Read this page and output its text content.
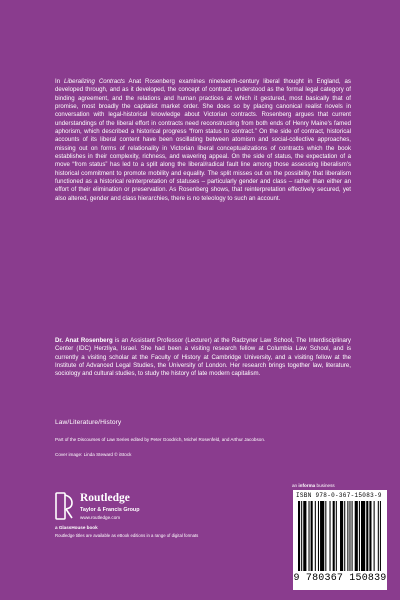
In Liberalizing Contracts Anat Rosenberg examines nineteenth-century liberal thought in England, as developed through, and as it developed, the concept of contract, understood as the formal legal category of binding agreement, and the relations and human practices at which it gestured, most basically that of promise, most broadly the capitalist market order. She does so by placing canonical realist novels in conversation with legal-historical knowledge about Victorian contracts. Rosenberg argues that current understandings of the liberal effort in contracts need reconstructing from both ends of Henry Maine's famed aphorism, which described a historical progress “from status to contract.” On the side of contract, historical accounts of its liberal content have been oscillating between atomism and social-collective approaches, missing out on forms of relationality in Victorian liberal conceptualizations of contracts which the book establishes in their complexity, richness, and wavering appeal. On the side of status, the expectation of a move “from status” has led to a split along the liberal/radical fault line among those assessing liberalism's historical commitment to promote mobility and equality. The split misses out on the possibility that liberalism functioned as a historical reinterpretation of statuses – particularly gender and class – rather than either an effort of their elimination or preservation. As Rosenberg shows, that reinterpretation effectively secured, yet also altered, gender and class hierarchies, there is no teleology to such an account.

Dr. Anat Rosenberg is an Assistant Professor (Lecturer) at the Radzyner Law School, The Interdisciplinary Center (IDC) Herzliya, Israel. She had been a visiting research fellow at Columbia Law School, and is currently a visiting scholar at the Faculty of History at Cambridge University, and a visiting fellow at the Institute of Advanced Legal Studies, the University of London. Her research brings together law, literature, sociology and cultural studies, to study the history of late modern capitalism.
Law/Literature/History
Part of the Discourses of Law Series edited by Peter Goodrich, Michel Rosenfeld, and Arthur Jacobson.
Cover image: Linda Steward © iStock
an informa business
Routledge
Taylor & Francis Group
www.routledge.com
a GlassHouse book
Routledge titles are available as eBook editions in a range of digital formats
ISBN 978-0-367-15083-9
9 780367 150839
